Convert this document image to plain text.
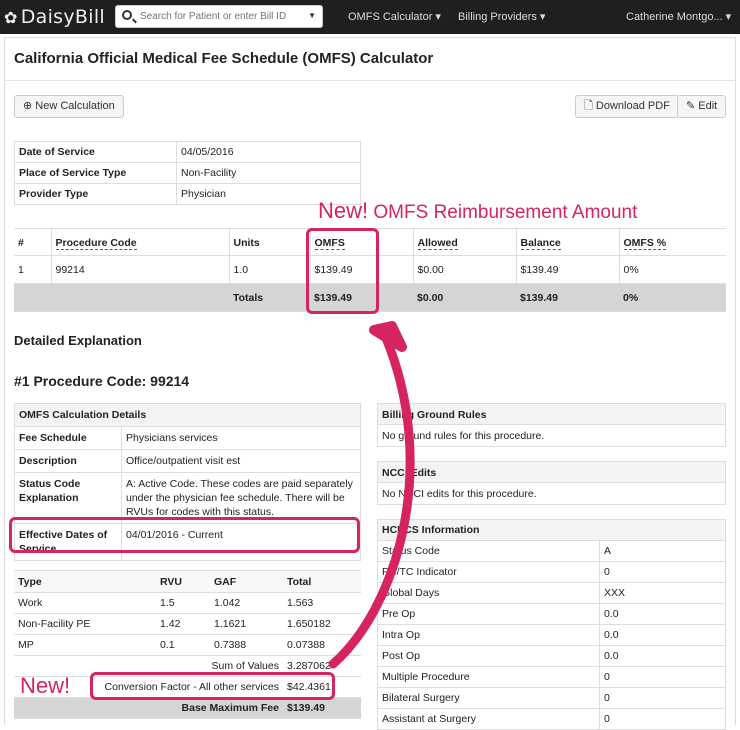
✿ DaisyBill
Search for Patient or enter Bill ID	▼	OMFS Calculator ▾ Billing Providers ▾	Catherine Montgo... ▾
California Official Medical Fee Schedule (OMFS) Calculator
⊕ New Calculation	🗋 Download PDF	✎ Edit
Date of Service	04/05/2016
Place of Service Type	Non-Facility
Provider Type	Physician
#	Procedure Code	Units	OMFS	Allowed	Balance	OMFS %
1	99214	1.0	$139.49	$0.00	$139.49	0%
		Totals	$139.49	$0.00	$139.49	0%
Detailed Explanation
#1 Procedure Code: 99214
OMFS Calculation Details	
Fee Schedule	Physicians services
Description	Office/outpatient visit est
Status Code Explanation	A: Active Code. These codes are paid separately under the physician fee schedule. There will be RVUs for codes with this status.
Effective Dates of Service	04/01/2016 - Current
Type	RVU	GAF	Total
Work	1.5	1.042	1.563
Non-Facility PE	1.42	1.1621	1.650182
MP	0.1	0.7388	0.07388
Sum of Values			3.287062
Conversion Factor - All other services			$42.4361
Base Maximum Fee			$139.49
Billing Ground Rules
No ground rules for this procedure.
NCCI Edits
No NCCI edits for this procedure.
HCPCS Information	
Status Code	A
PC/TC Indicator	0
Global Days	XXX
Pre Op	0.0
Intra Op	0.0
Post Op	0.0
Multiple Procedure	0
Bilateral Surgery	0
Assistant at Surgery	0
New! OMFS Reimbursement Amount
New!
